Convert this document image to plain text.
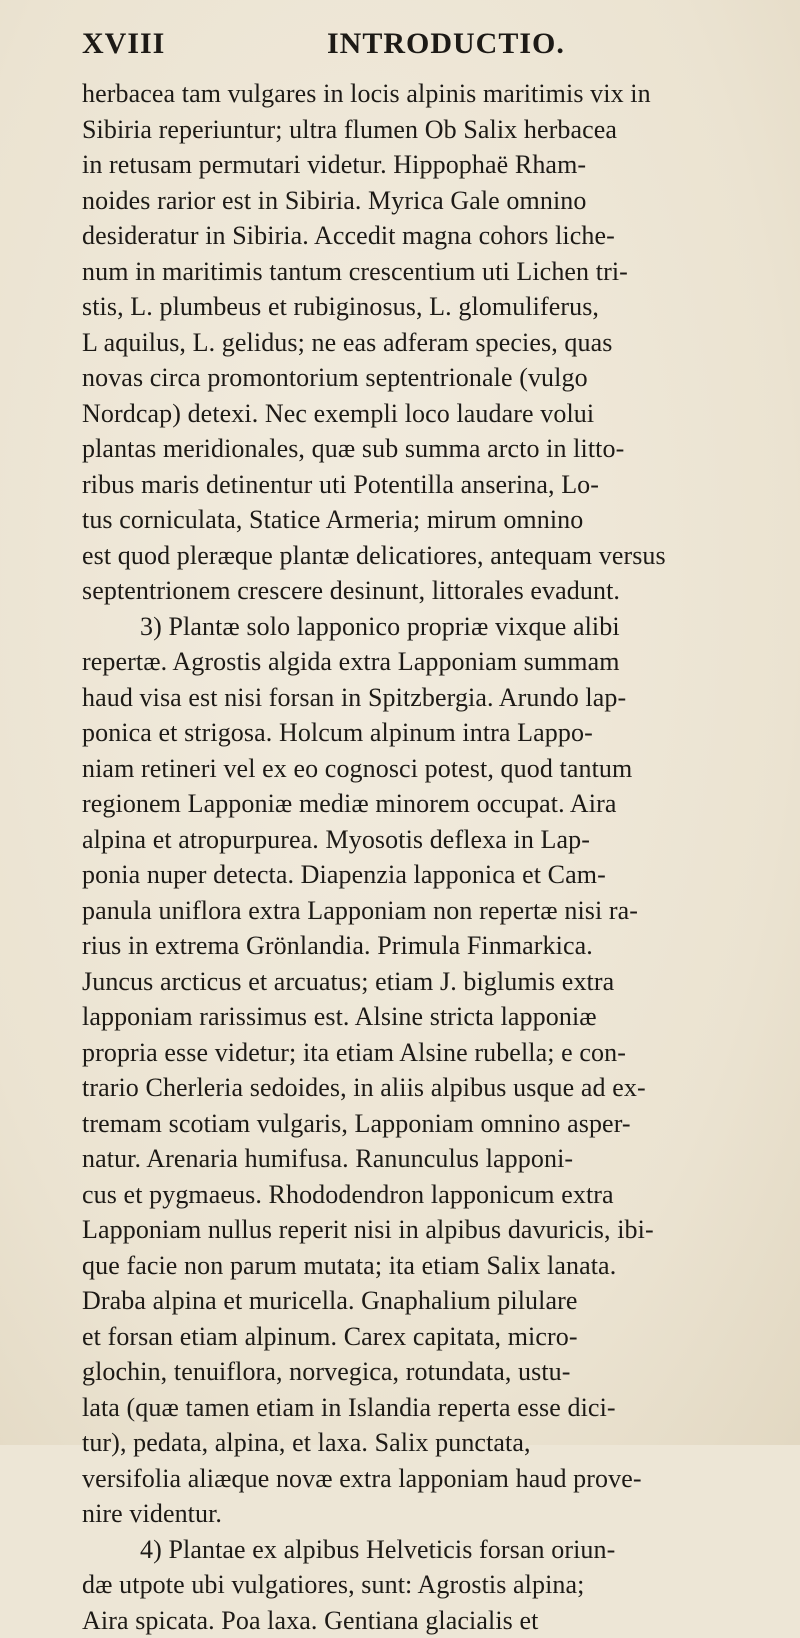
XVIII	INTRODUCTIO.
herbacea tam vulgares in locis alpinis maritimis vix in
Sibiria reperiuntur; ultra flumen Ob Salix herbacea
in retusam permutari videtur. Hippophaë Rham-
noides rarior est in Sibiria. Myrica Gale omnino
desideratur in Sibiria. Accedit magna cohors liche-
num in maritimis tantum crescentium uti Lichen tri-
stis, L. plumbeus et rubiginosus, L. glomuliferus,
L aquilus, L. gelidus; ne eas adferam species, quas
novas circa promontorium septentrionale (vulgo
Nordcap) detexi. Nec exempli loco laudare volui
plantas meridionales, quæ sub summa arcto in litto-
ribus maris detinentur uti Potentilla anserina, Lo-
tus corniculata, Statice Armeria; mirum omnino
est quod pleræque plantæ delicatiores, antequam versus
septentrionem crescere desinunt, littorales evadunt.
3) Plantæ solo lapponico propriæ vixque alibi
repertæ. Agrostis algida extra Lapponiam summam
haud visa est nisi forsan in Spitzbergia. Arundo lap-
ponica et strigosa. Holcum alpinum intra Lappo-
niam retineri vel ex eo cognosci potest, quod tantum
regionem Lapponiæ mediæ minorem occupat. Aira
alpina et atropurpurea. Myosotis deflexa in Lap-
ponia nuper detecta. Diapenzia lapponica et Cam-
panula uniflora extra Lapponiam non repertæ nisi ra-
rius in extrema Grönlandia. Primula Finmarkica.
Juncus arcticus et arcuatus; etiam J. biglumis extra
lapponiam rarissimus est. Alsine stricta lapponiæ
propria esse videtur; ita etiam Alsine rubella; e con-
trario Cherleria sedoides, in aliis alpibus usque ad ex-
tremam scotiam vulgaris, Lapponiam omnino asper-
natur. Arenaria humifusa. Ranunculus lapponi-
cus et pygmaeus. Rhododendron lapponicum extra
Lapponiam nullus reperit nisi in alpibus davuricis, ibi-
que facie non parum mutata; ita etiam Salix lanata.
Draba alpina et muricella. Gnaphalium pilulare
et forsan etiam alpinum. Carex capitata, micro-
glochin, tenuiflora, norvegica, rotundata, ustu-
lata (quæ tamen etiam in Islandia reperta esse dici-
tur), pedata, alpina, et laxa. Salix punctata,
versifolia aliæque novæ extra lapponiam haud prove-
nire videntur.
4) Plantae ex alpibus Helveticis forsan oriun-
dæ utpote ubi vulgatiores, sunt: Agrostis alpina;
Aira spicata. Poa laxa. Gentiana glacialis et
